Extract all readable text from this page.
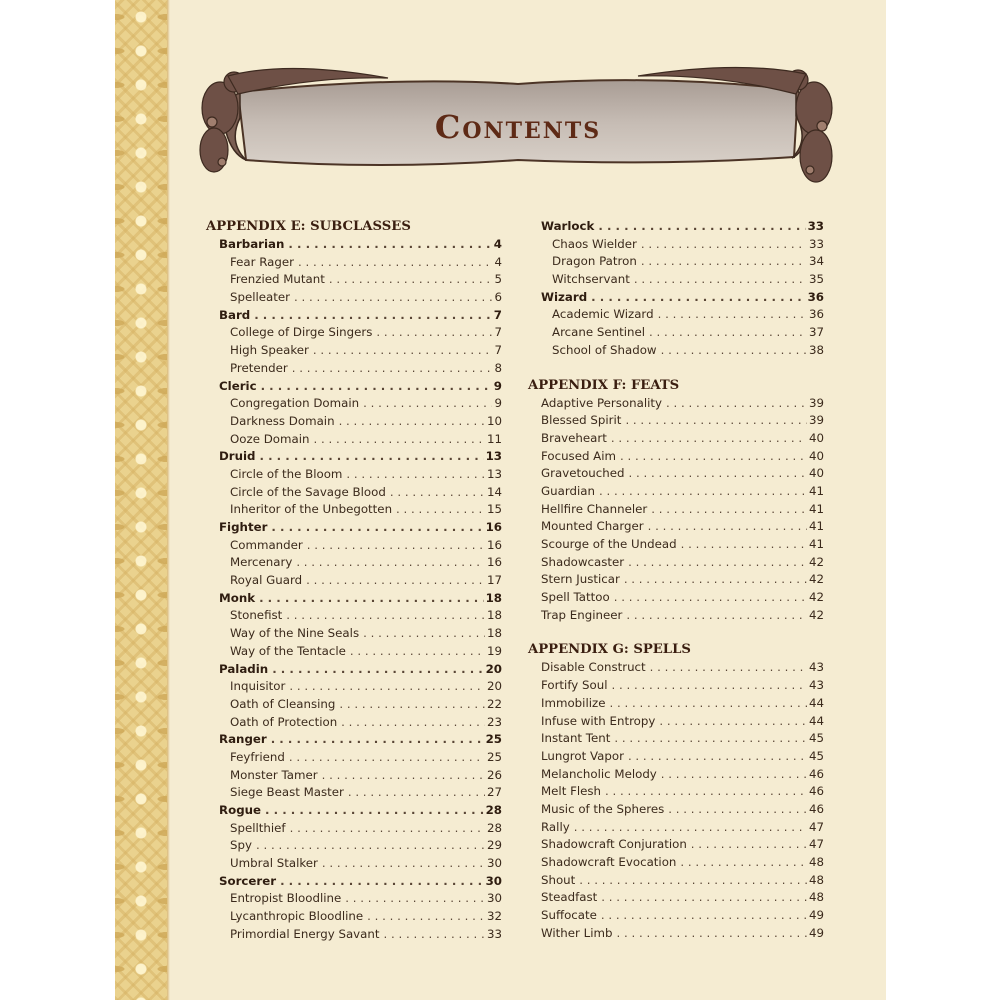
Contents
APPENDIX E: SUBCLASSES
Barbarian . . .	4
Fear Rager . . .	4
Frenzied Mutant . . .	5
Spelleater . . .	6
Bard . . .	7
College of Dirge Singers . . .	7
High Speaker . . .	7
Pretender . . .	8
Cleric . . .	9
Congregation Domain . . .	9
Darkness Domain . . .	10
Ooze Domain . . .	11
Druid . . .	13
Circle of the Bloom . . .	13
Circle of the Savage Blood . . .	14
Inheritor of the Unbegotten . . .	15
Fighter . . .	16
Commander . . .	16
Mercenary . . .	16
Royal Guard . . .	17
Monk . . .	18
Stonefist . . .	18
Way of the Nine Seals . . .	18
Way of the Tentacle . . .	19
Paladin . . .	20
Inquisitor . . .	20
Oath of Cleansing . . .	22
Oath of Protection . . .	23
Ranger . . .	25
Feyfriend . . .	25
Monster Tamer . . .	26
Siege Beast Master . . .	27
Rogue . . .	28
Spellthief . . .	28
Spy . . .	29
Umbral Stalker . . .	30
Sorcerer . . .	30
Entropist Bloodline . . .	30
Lycanthropic Bloodline . . .	32
Primordial Energy Savant . . .	33
Warlock . . .	33
Chaos Wielder . . .	33
Dragon Patron . . .	34
Witchservant . . .	35
Wizard . . .	36
Academic Wizard . . .	36
Arcane Sentinel . . .	37
School of Shadow . . .	38
APPENDIX F: FEATS
Adaptive Personality . . .	39
Blessed Spirit . . .	39
Braveheart . . .	40
Focused Aim . . .	40
Gravetouched . . .	40
Guardian . . .	41
Hellfire Channeler . . .	41
Mounted Charger . . .	41
Scourge of the Undead . . .	41
Shadowcaster . . .	42
Stern Justicar . . .	42
Spell Tattoo . . .	42
Trap Engineer . . .	42
APPENDIX G: SPELLS
Disable Construct . . .	43
Fortify Soul . . .	43
Immobilize . . .	44
Infuse with Entropy . . .	44
Instant Tent . . .	45
Lungrot Vapor . . .	45
Melancholic Melody . . .	46
Melt Flesh . . .	46
Music of the Spheres . . .	46
Rally . . .	47
Shadowcraft Conjuration . . .	47
Shadowcraft Evocation . . .	48
Shout . . .	48
Steadfast . . .	48
Suffocate . . .	49
Wither Limb . . .	49
